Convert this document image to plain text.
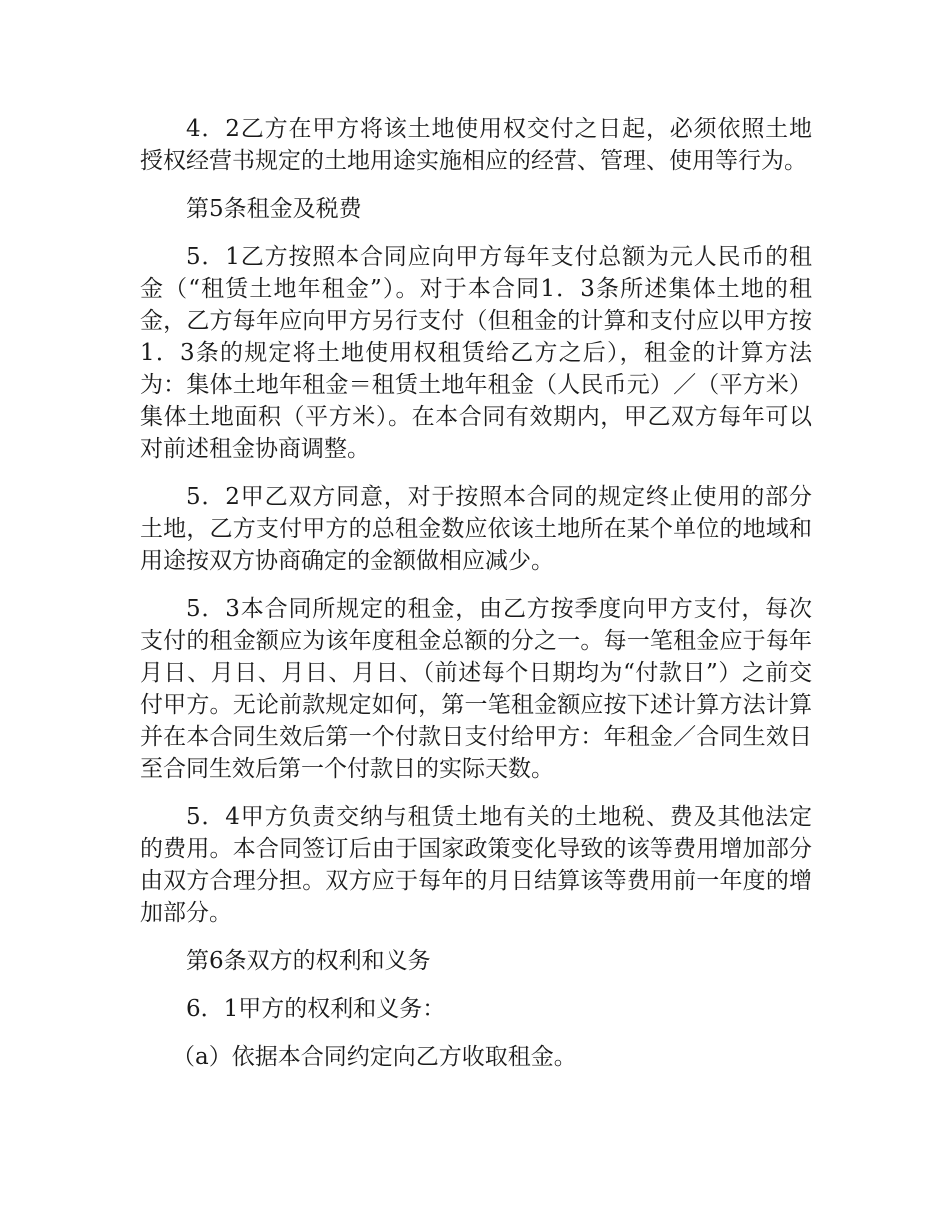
4．2乙方在甲方将该土地使用权交付之日起，必须依照土地授权经营书规定的土地用途实施相应的经营、管理、使用等行为。

第5条租金及税费

5．1乙方按照本合同应向甲方每年支付总额为元人民币的租金（“租赁土地年租金”）。对于本合同1．3条所述集体土地的租金，乙方每年应向甲方另行支付（但租金的计算和支付应以甲方按1．3条的规定将土地使用权租赁给乙方之后），租金的计算方法为：集体土地年租金＝租赁土地年租金（人民币元）／（平方米）集体土地面积（平方米）。在本合同有效期内，甲乙双方每年可以对前述租金协商调整。

5．2甲乙双方同意，对于按照本合同的规定终止使用的部分土地，乙方支付甲方的总租金数应依该土地所在某个单位的地域和用途按双方协商确定的金额做相应减少。

5．3本合同所规定的租金，由乙方按季度向甲方支付，每次支付的租金额应为该年度租金总额的分之一。每一笔租金应于每年月日、月日、月日、月日、（前述每个日期均为“付款日”）之前交付甲方。无论前款规定如何，第一笔租金额应按下述计算方法计算并在本合同生效后第一个付款日支付给甲方：年租金／合同生效日至合同生效后第一个付款日的实际天数。

5．4甲方负责交纳与租赁土地有关的土地税、费及其他法定的费用。本合同签订后由于国家政策变化导致的该等费用增加部分由双方合理分担。双方应于每年的月日结算该等费用前一年度的增加部分。

第6条双方的权利和义务

6．1甲方的权利和义务：

（a）依据本合同约定向乙方收取租金。
